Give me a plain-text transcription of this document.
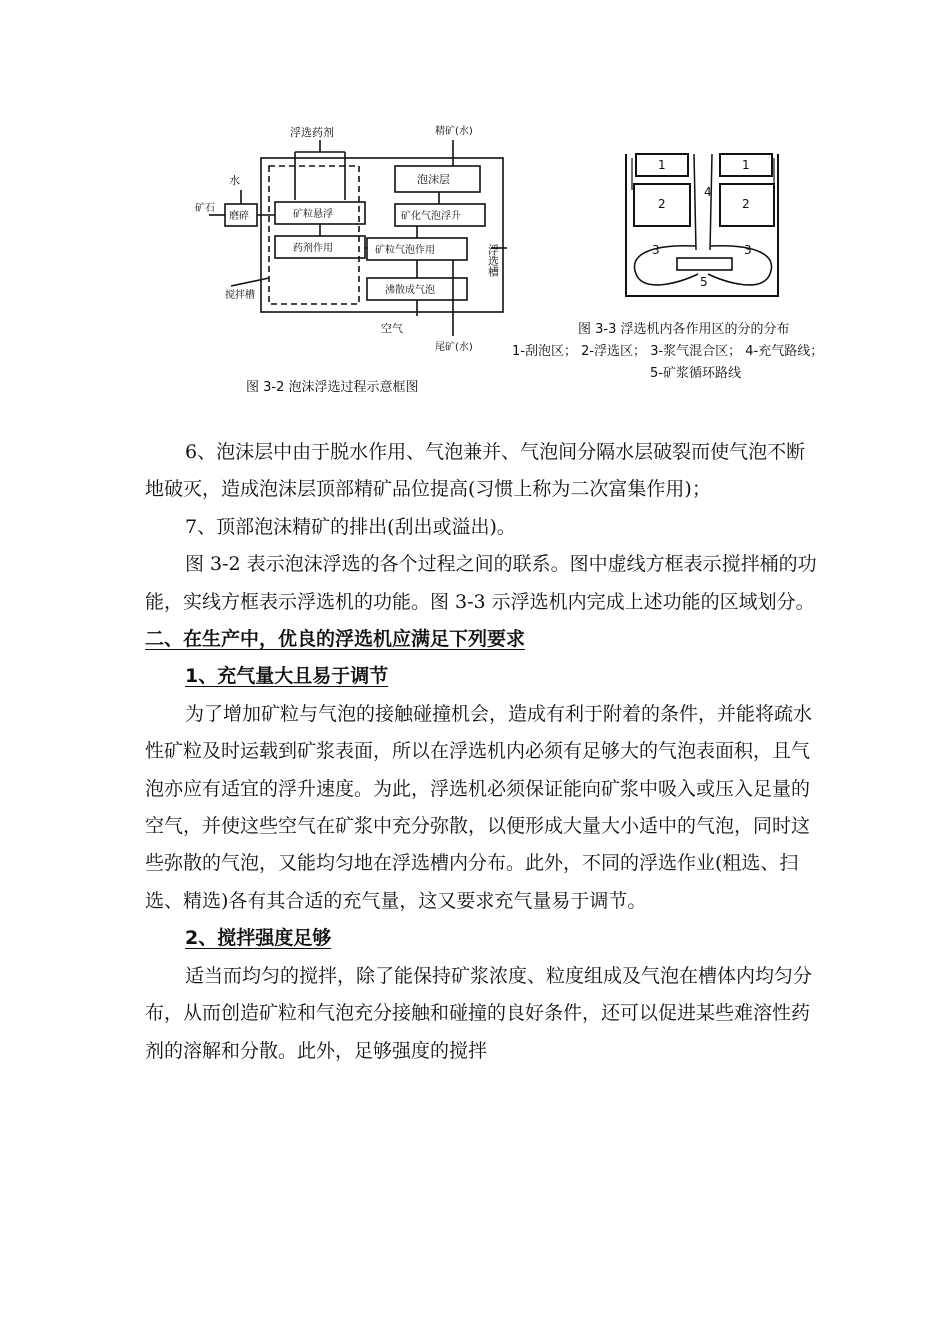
浮选药剂	精矿(水)
水
矿石
磨碎	矿粒悬浮
药剂作用
搅拌槽
泡沫层
矿化气泡浮升
矿粒气泡作用
沸散成气泡
空气
尾矿(水)
浮选槽
图 3-2 泡沫浮选过程示意框图
1	1
2	2
3	3
4
5
图 3-3 浮选机内各作用区的分的分布
1-刮泡区； 2-浮选区； 3-浆气混合区； 4-充气路线；
5-矿浆循环路线

6、泡沫层中由于脱水作用、气泡兼并、气泡间分隔水层破裂而使气泡不断地破灭，造成泡沫层顶部精矿品位提高(习惯上称为二次富集作用)；

7、顶部泡沫精矿的排出(刮出或溢出)。

图 3-2 表示泡沫浮选的各个过程之间的联系。图中虚线方框表示搅拌桶的功能，实线方框表示浮选机的功能。图 3-3 示浮选机内完成上述功能的区域划分。

二、在生产中，优良的浮选机应满足下列要求

1、充气量大且易于调节

为了增加矿粒与气泡的接触碰撞机会，造成有利于附着的条件，并能将疏水性矿粒及时运载到矿浆表面，所以在浮选机内必须有足够大的气泡表面积，且气泡亦应有适宜的浮升速度。为此，浮选机必须保证能向矿浆中吸入或压入足量的空气，并使这些空气在矿浆中充分弥散，以便形成大量大小适中的气泡，同时这些弥散的气泡，又能均匀地在浮选槽内分布。此外，不同的浮选作业(粗选、扫选、精选)各有其合适的充气量，这又要求充气量易于调节。

2、搅拌强度足够

适当而均匀的搅拌，除了能保持矿浆浓度、粒度组成及气泡在槽体内均匀分布，从而创造矿粒和气泡充分接触和碰撞的良好条件，还可以促进某些难溶性药剂的溶解和分散。此外，足够强度的搅拌
